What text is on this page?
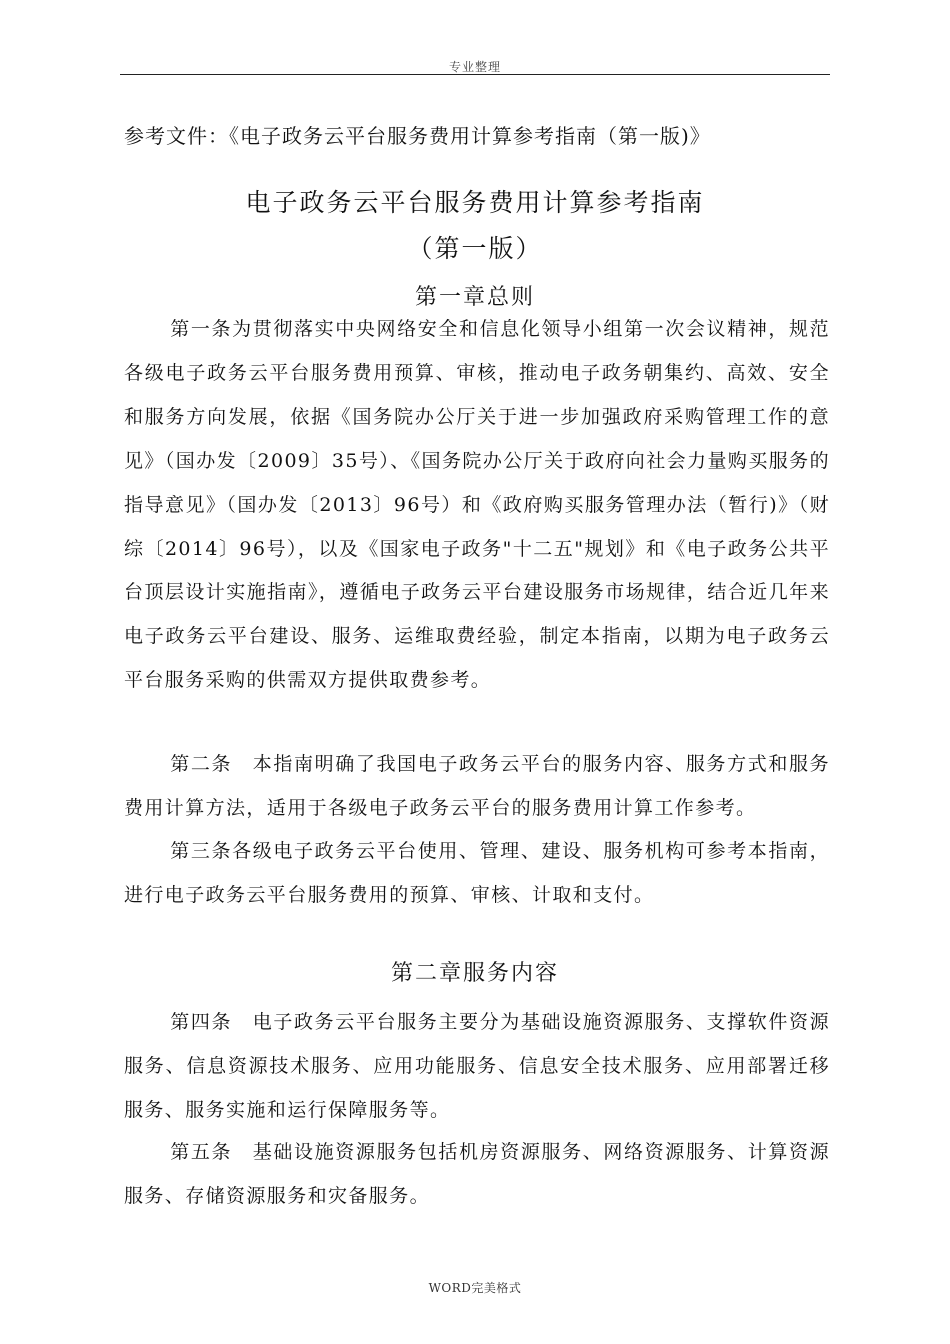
专业整理
参考文件：《电子政务云平台服务费用计算参考指南（第一版)》
电子政务云平台服务费用计算参考指南
（第一版）
第一章总则
第一条为贯彻落实中央网络安全和信息化领导小组第一次会议精神，规范各级电子政务云平台服务费用预算、审核，推动电子政务朝集约、高效、安全和服务方向发展，依据《国务院办公厅关于进一步加强政府采购管理工作的意见》（国办发〔2009〕35号）、《国务院办公厅关于政府向社会力量购买服务的指导意见》（国办发〔2013〕96号）和《政府购买服务管理办法（暂行)》（财综〔2014〕96号），以及《国家电子政务"十二五"规划》和《电子政务公共平台顶层设计实施指南》，遵循电子政务云平台建设服务市场规律，结合近几年来电子政务云平台建设、服务、运维取费经验，制定本指南，以期为电子政务云平台服务采购的供需双方提供取费参考。
第二条　本指南明确了我国电子政务云平台的服务内容、服务方式和服务费用计算方法，适用于各级电子政务云平台的服务费用计算工作参考。
第三条各级电子政务云平台使用、管理、建设、服务机构可参考本指南，进行电子政务云平台服务费用的预算、审核、计取和支付。
第二章服务内容
第四条　电子政务云平台服务主要分为基础设施资源服务、支撑软件资源服务、信息资源技术服务、应用功能服务、信息安全技术服务、应用部署迁移服务、服务实施和运行保障服务等。
第五条　基础设施资源服务包括机房资源服务、网络资源服务、计算资源服务、存储资源服务和灾备服务。
WORD完美格式
